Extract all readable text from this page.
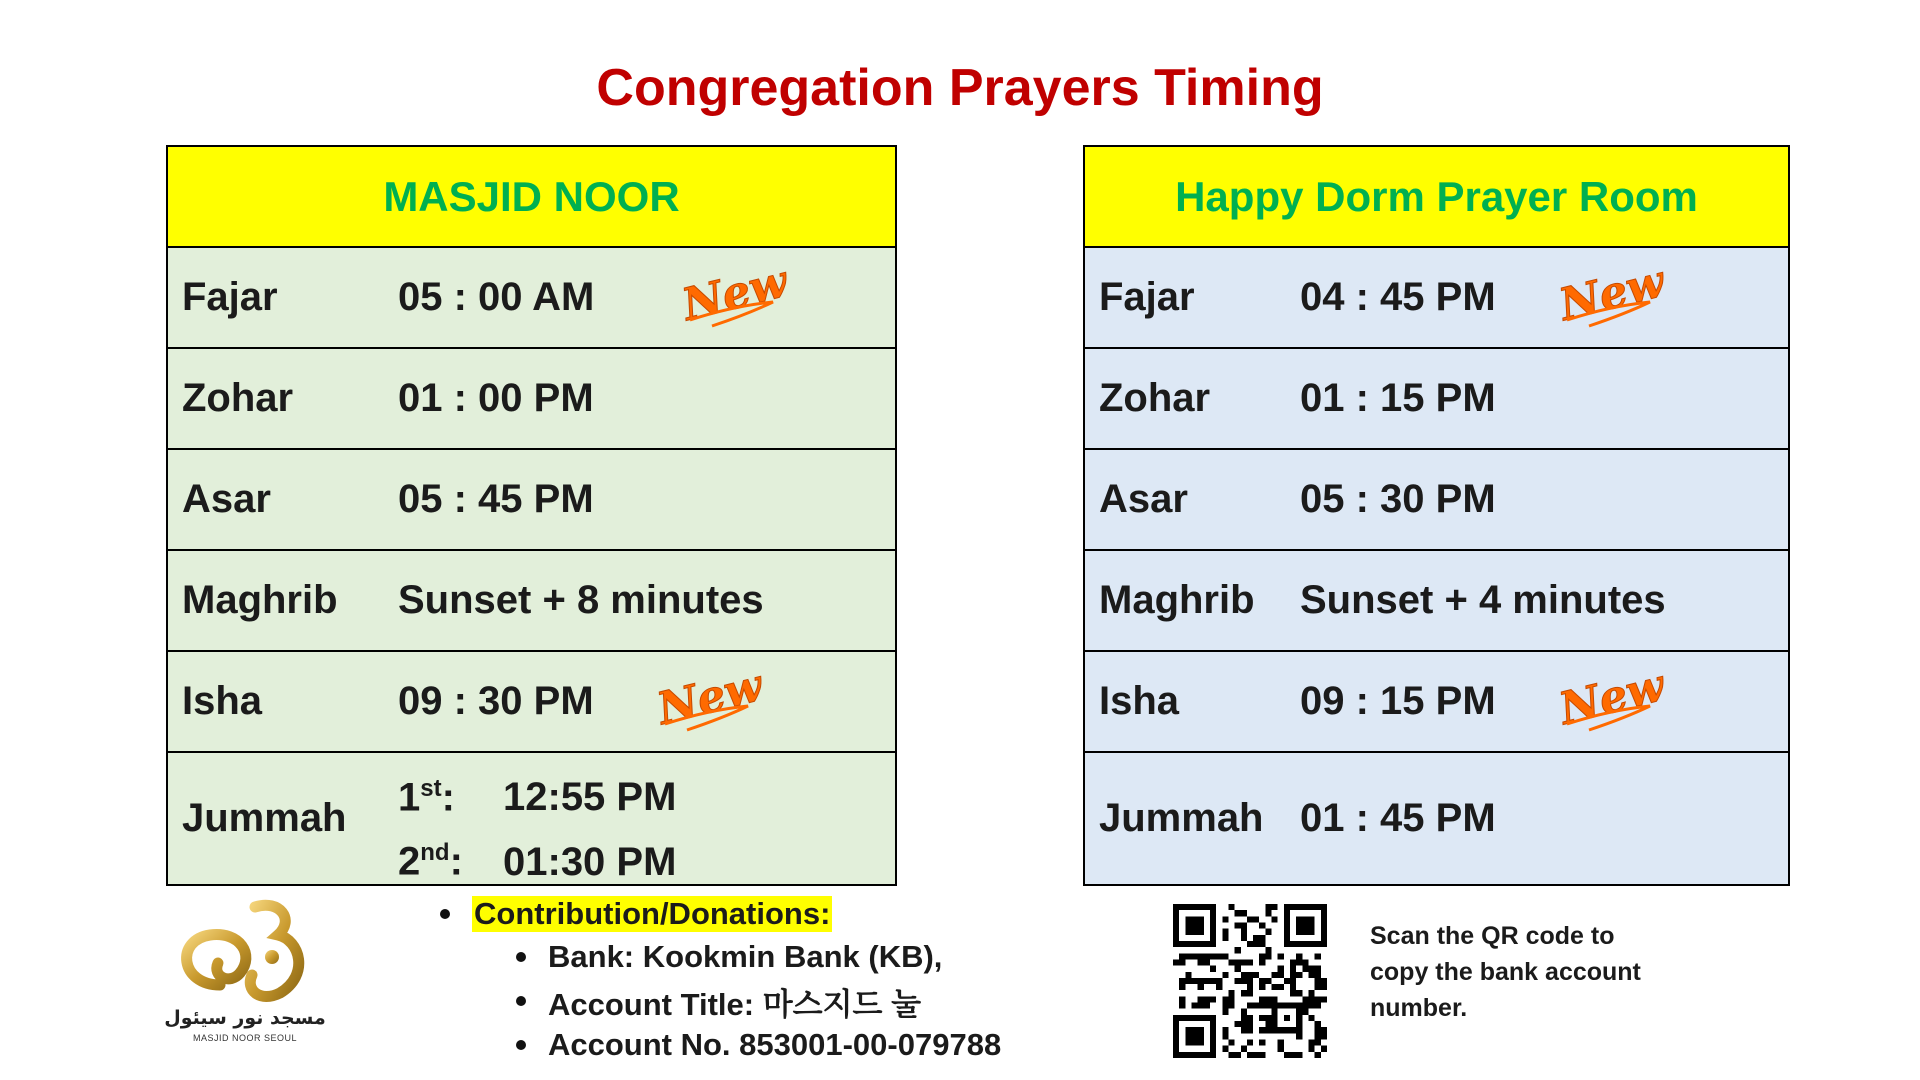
Congregation Prayers Timing
MASJID NOOR
Fajar	05 : 00 AM New
Zohar	01 : 00 PM
Asar	05 : 45 PM
Maghrib Sunset + 8 minutes
Isha	09 : 30 PM New
Jummah 1st:	12:55 PM
2nd:	01:30 PM
Happy Dorm Prayer Room
Fajar	04 : 45 PM New
Zohar 01 : 15 PM
Asar	05 : 30 PM
Maghrib Sunset + 4 minutes
Isha	09 : 15 PM New
Jummah 01 : 45 PM
مسجد نور سيئول
MASJID NOOR SEOUL
Contribution/Donations:
Bank: Kookmin Bank (KB),
Account Title: 마스지드 눌
Account No. 853001-00-079788
Scan the QR code to copy the bank account number.
